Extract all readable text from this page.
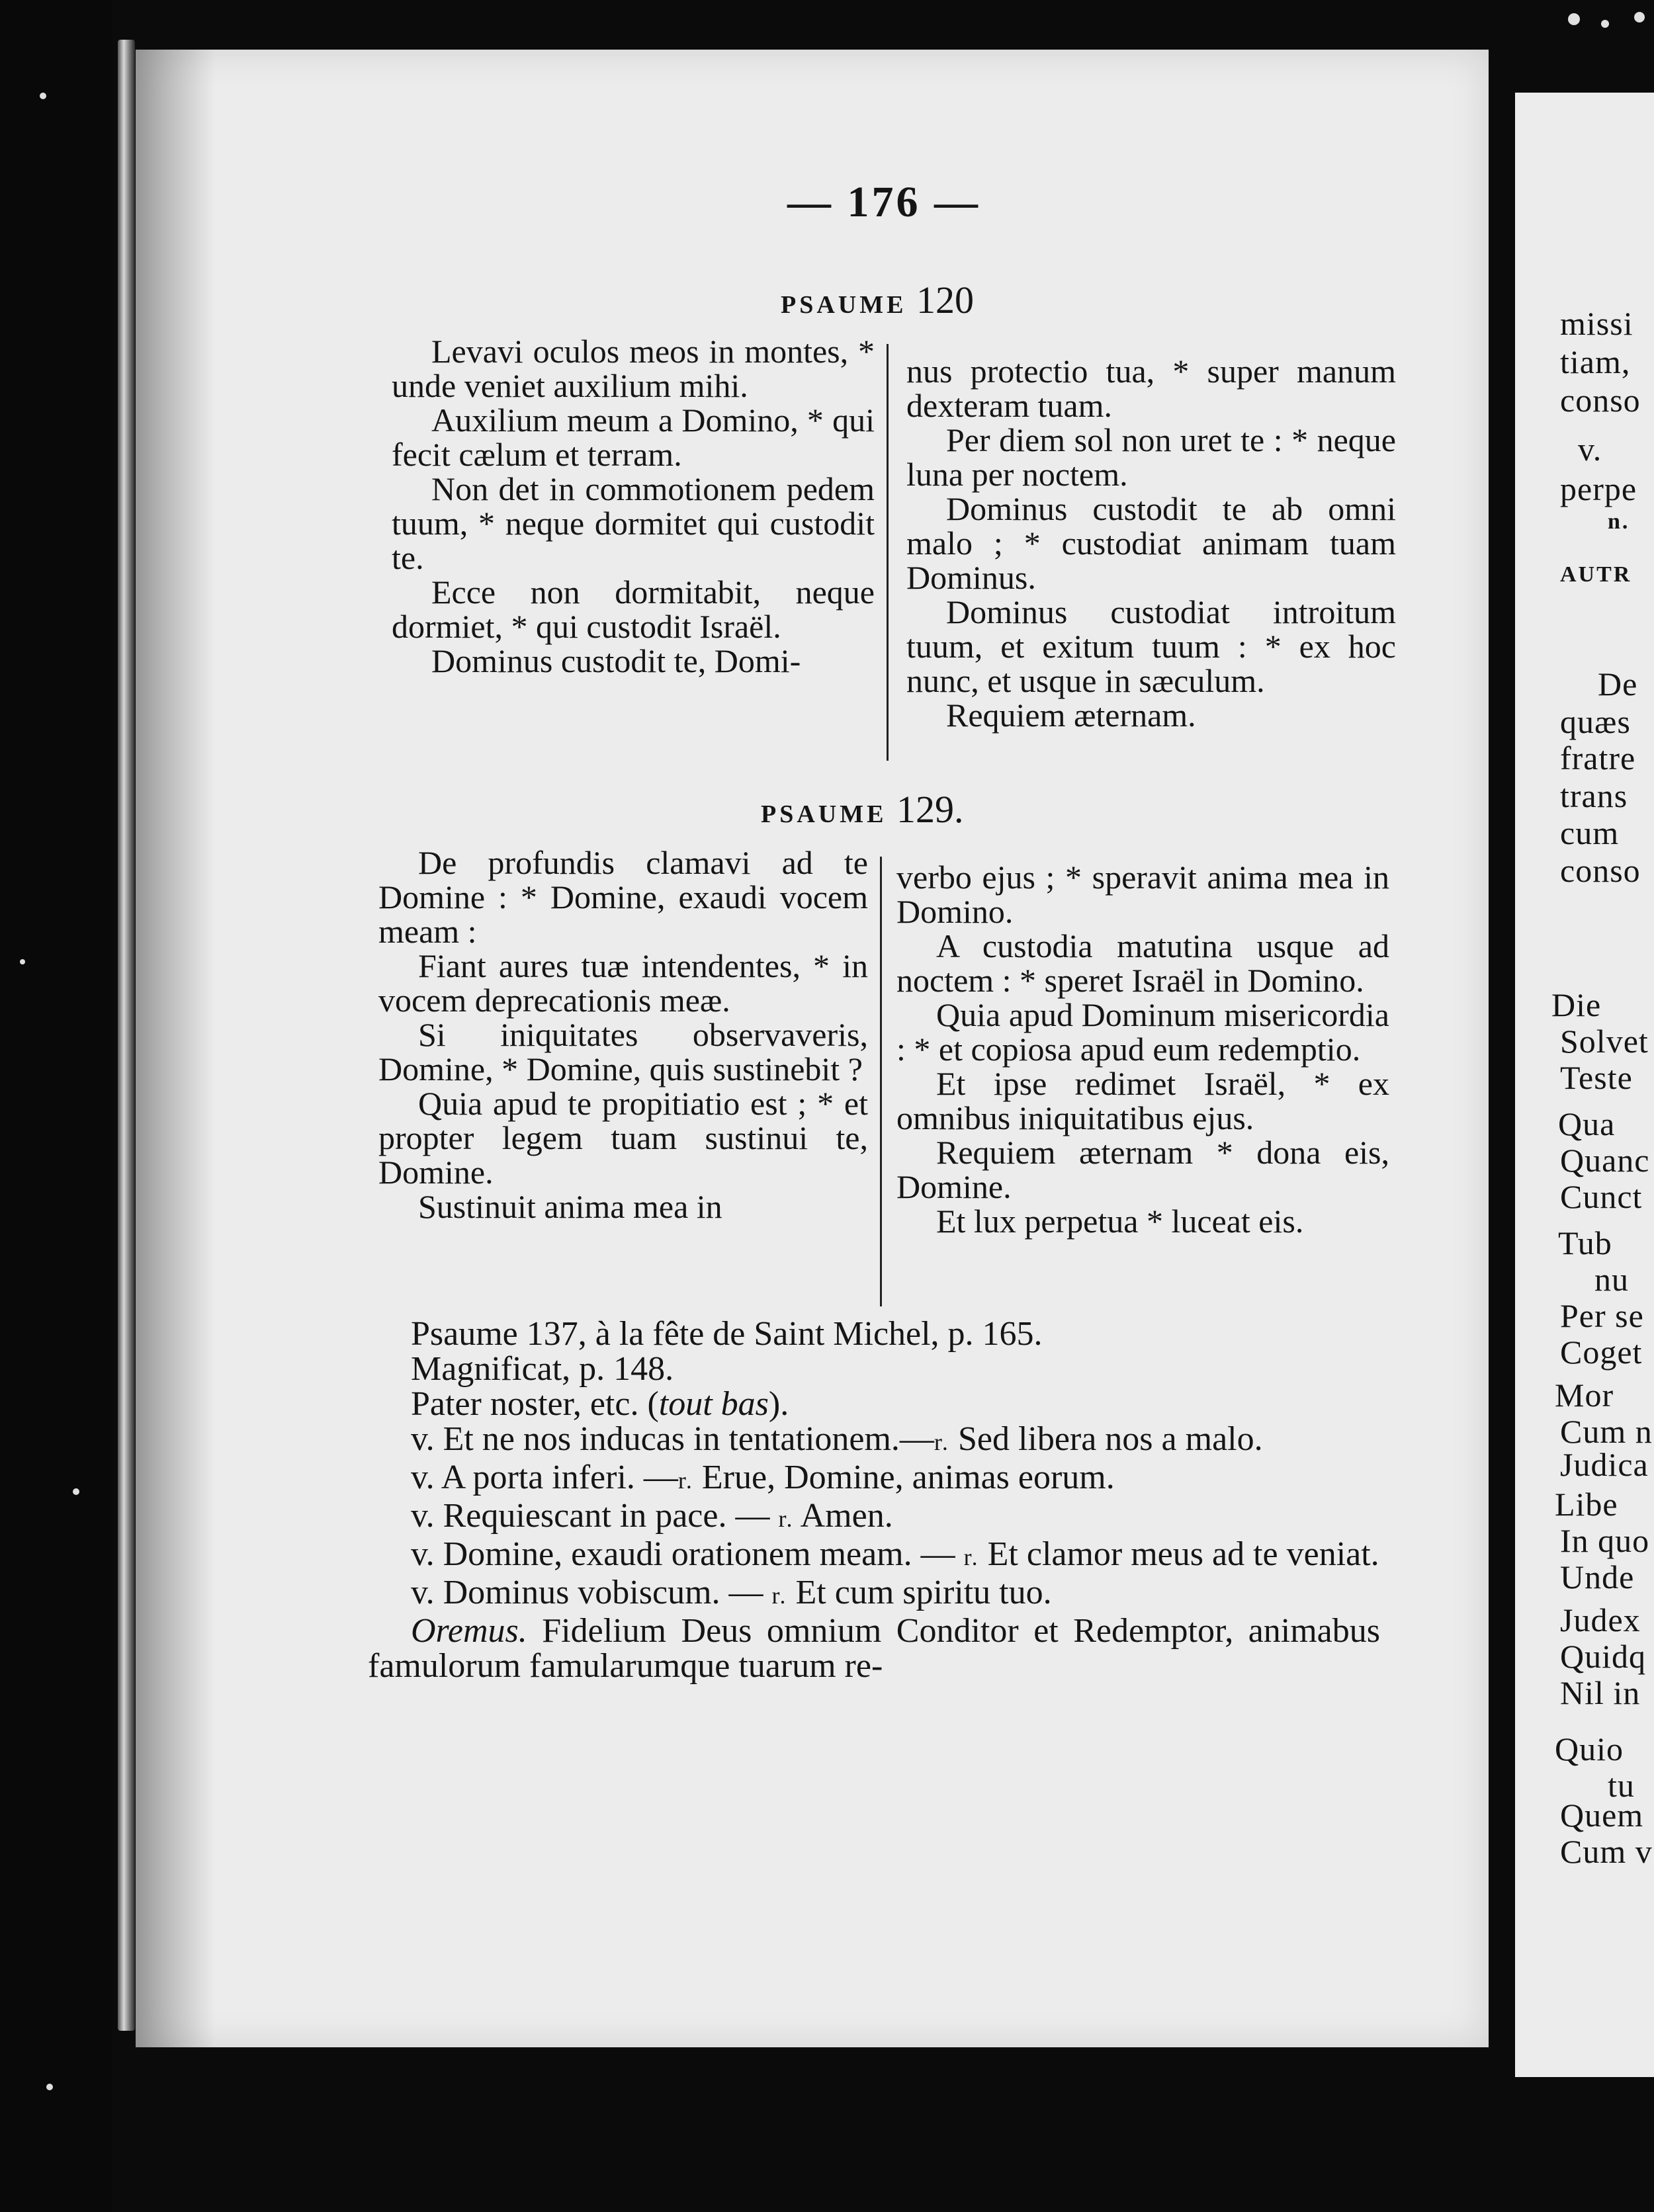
missi
tiam,
conso
v.
perpe
n.
AUTR
De
quæs
fratre
trans
cum
conso
Die
Solvet
Teste
Qua
Quanc
Cunct
Tub
nu
Per se
Coget
Mor
Cum n
Judica
Libe
In quo
Unde
Judex
Quidq
Nil in
Quio
tu
Quem
Cum v
— 176 —
PSAUME 120

Levavi oculos meos in montes, * unde veniet auxilium mihi.

Auxilium meum a Domino, * qui fecit cælum et terram.

Non det in commotionem pedem tuum, * neque dormitet qui custodit te.

Ecce non dormitabit, neque dormiet, * qui custodit Israël.

Dominus custodit te, Domi-

nus protectio tua, * super manum dexteram tuam.

Per diem sol non uret te : * neque luna per noctem.

Dominus custodit te ab omni malo ; * custodiat animam tuam Dominus.

Dominus custodiat introitum tuum, et exitum tuum : * ex hoc nunc, et usque in sæculum.

Requiem æternam.

PSAUME 129.

De profundis clamavi ad te Domine : * Domine, exaudi vocem meam :

Fiant aures tuæ intendentes, * in vocem deprecationis meæ.

Si iniquitates observaveris, Domine, * Domine, quis sustinebit ?

Quia apud te propitiatio est ; * et propter legem tuam sustinui te, Domine.

Sustinuit anima mea in

verbo ejus ; * speravit anima mea in Domino.

A custodia matutina usque ad noctem : * speret Israël in Domino.

Quia apud Dominum misericordia : * et copiosa apud eum redemptio.

Et ipse redimet Israël, * ex omnibus iniquitatibus ejus.

Requiem æternam * dona eis, Domine.

Et lux perpetua * luceat eis.

Psaume 137, à la fête de Saint Michel, p. 165.

Magnificat, p. 148.

Pater noster, etc. (tout bas).

v. Et ne nos inducas in tentationem.—r. Sed libera nos a malo.

v. A porta inferi. —r. Erue, Domine, animas eorum.

v. Requiescant in pace. — r. Amen.

v. Domine, exaudi orationem meam. — r. Et clamor meus ad te veniat.

v. Dominus vobiscum. — r. Et cum spiritu tuo.

Oremus. Fidelium Deus omnium Conditor et Redemptor, animabus famulorum famularumque tuarum re-
